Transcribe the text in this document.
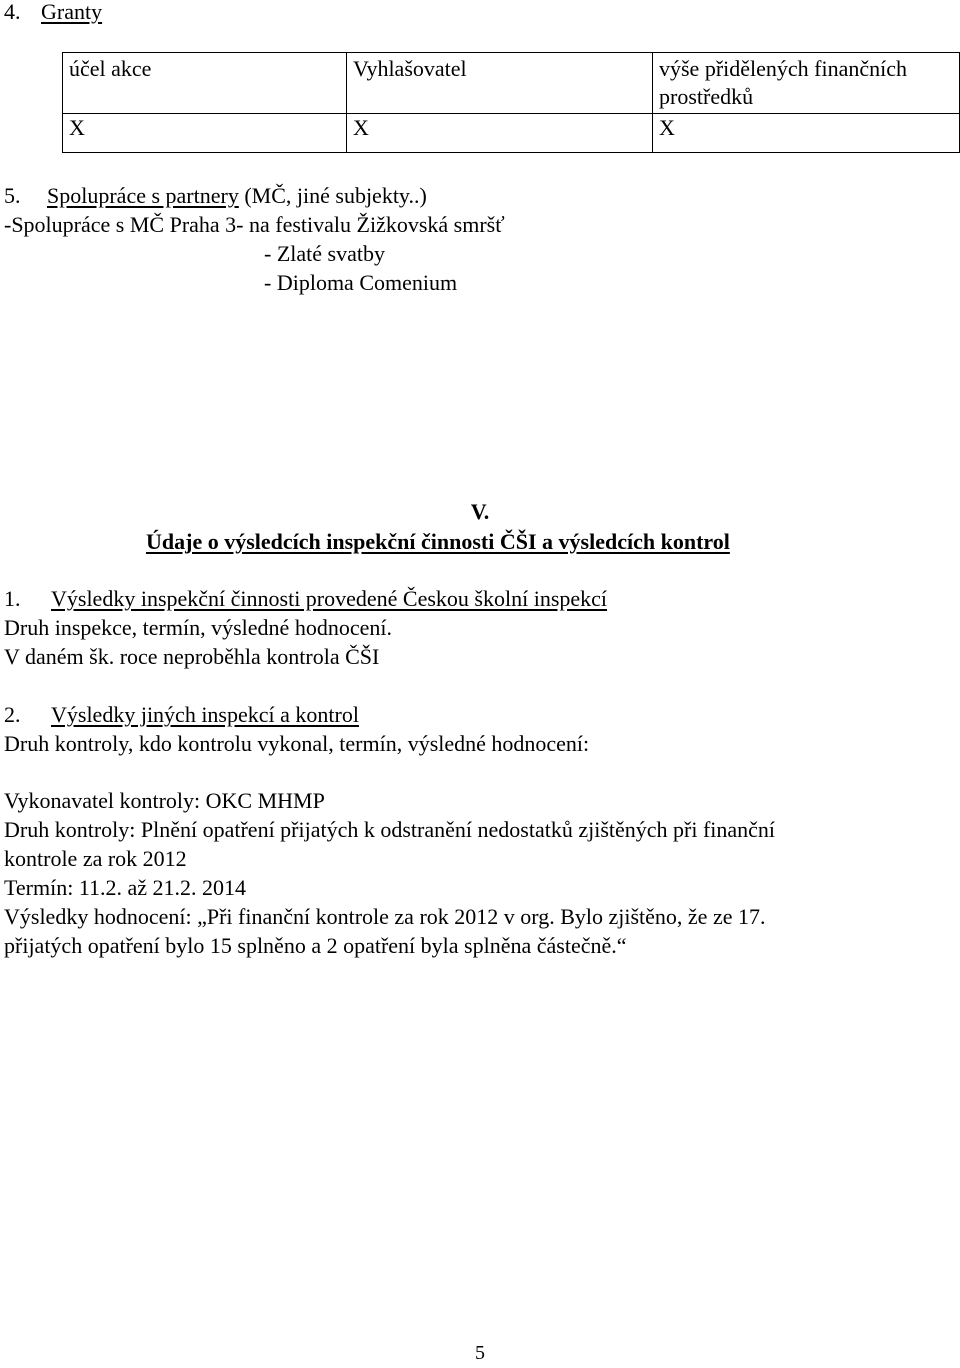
4. Granty
účel akce	Vyhlašovatel	výše přidělených finančních prostředků
X	X	X
5. Spolupráce s partnery (MČ, jiné subjekty..)
-Spolupráce s MČ Praha 3- na festivalu Žižkovská smršť
- Zlaté svatby
- Diploma Comenium
V.
Údaje o výsledcích inspekční činnosti ČŠI a výsledcích kontrol
1. Výsledky inspekční činnosti provedené Českou školní inspekcí
Druh inspekce, termín, výsledné hodnocení.
V daném šk. roce neproběhla kontrola ČŠI
2. Výsledky jiných inspekcí a kontrol
Druh kontroly, kdo kontrolu vykonal, termín, výsledné hodnocení:
Vykonavatel kontroly: OKC MHMP
Druh kontroly: Plnění opatření přijatých k odstranění nedostatků zjištěných při finanční
kontrole za rok 2012
Termín: 11.2. až 21.2. 2014
Výsledky hodnocení: „Při finanční kontrole za rok 2012 v org. Bylo zjištěno, že ze 17.
přijatých opatření bylo 15 splněno a 2 opatření byla splněna částečně.“
5
